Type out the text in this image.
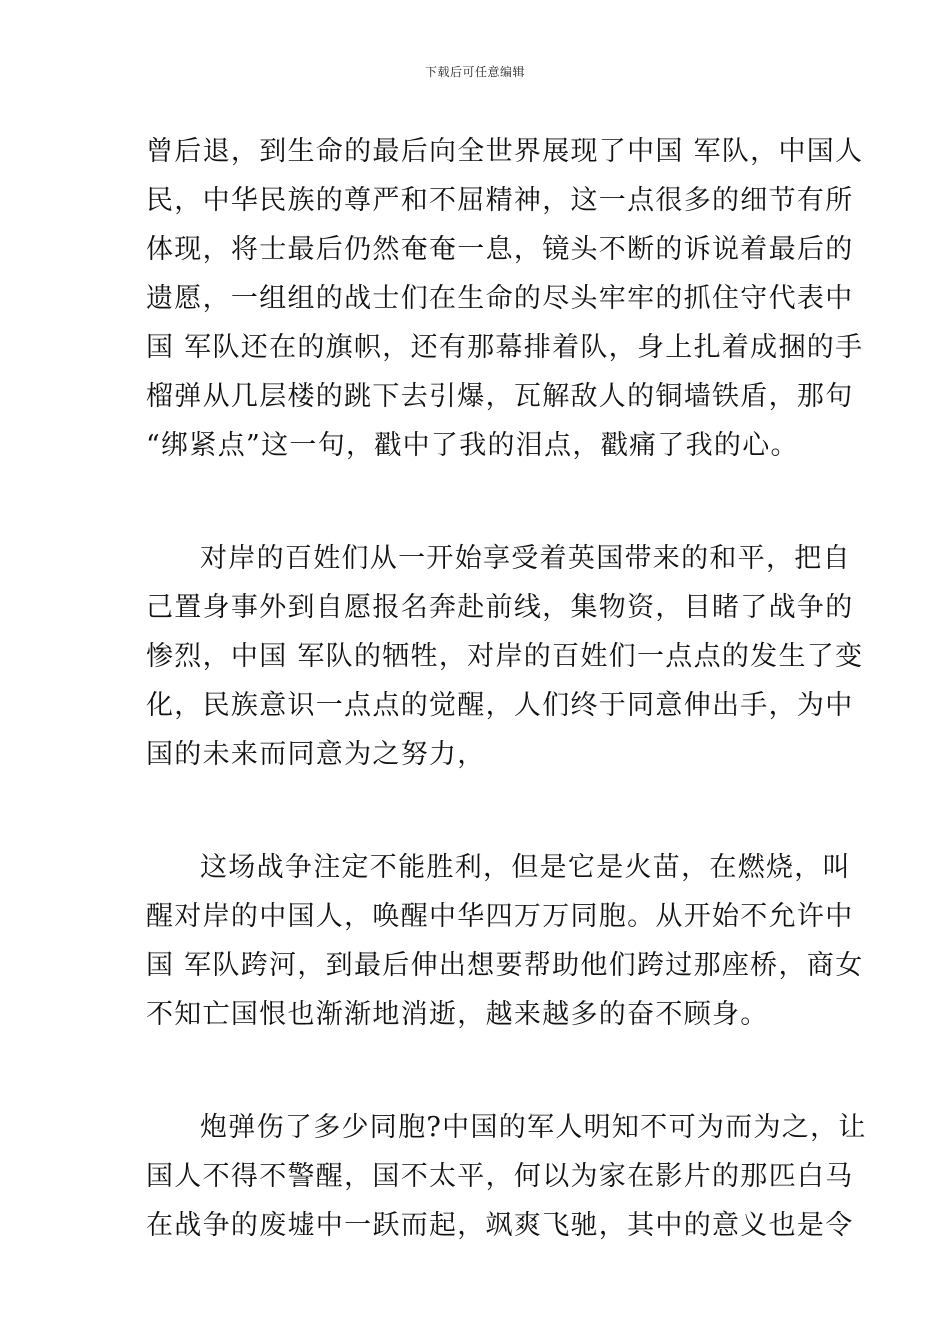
下载后可任意编辑
曾后退，到生命的最后向全世界展现了中国 军队，中国人
民，中华民族的尊严和不屈精神，这一点很多的细节有所
体现，将士最后仍然奄奄一息，镜头不断的诉说着最后的
遗愿，一组组的战士们在生命的尽头牢牢的抓住守代表中
国 军队还在的旗帜，还有那幕排着队，身上扎着成捆的手
榴弹从几层楼的跳下去引爆，瓦解敌人的铜墙铁盾，那句
“绑紧点”这一句，戳中了我的泪点，戳痛了我的心。
对岸的百姓们从一开始享受着英国带来的和平，把自
己置身事外到自愿报名奔赴前线，集物资，目睹了战争的
惨烈，中国 军队的牺牲，对岸的百姓们一点点的发生了变
化，民族意识一点点的觉醒，人们终于同意伸出手，为中
国的未来而同意为之努力，
这场战争注定不能胜利，但是它是火苗，在燃烧，叫
醒对岸的中国人，唤醒中华四万万同胞。从开始不允许中
国 军队跨河，到最后伸出想要帮助他们跨过那座桥，商女
不知亡国恨也渐渐地消逝，越来越多的奋不顾身。
炮弹伤了多少同胞?中国的军人明知不可为而为之，让
国人不得不警醒，国不太平，何以为家在影片的那匹白马
在战争的废墟中一跃而起，飒爽飞驰，其中的意义也是令
